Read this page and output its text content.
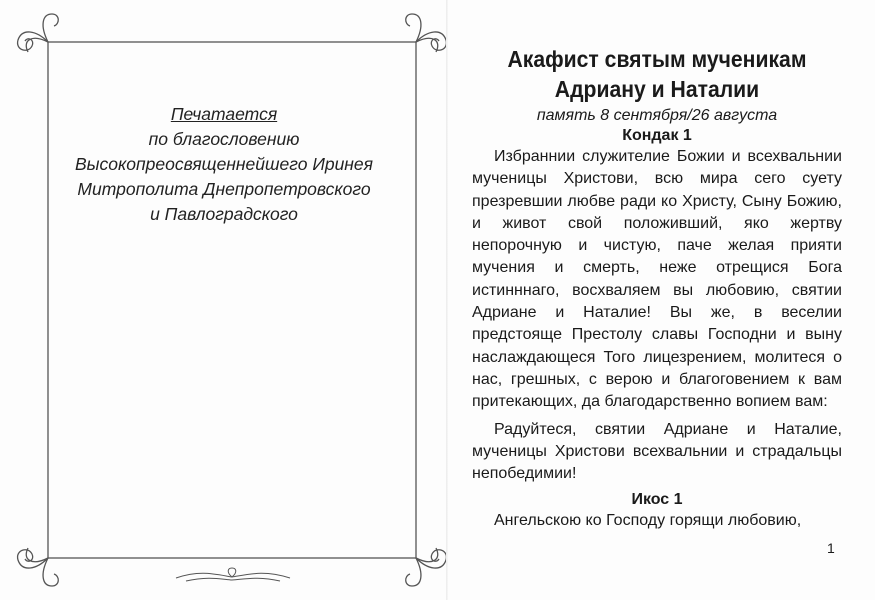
Печатается
по благословению
Высокопреосвященнейшего Иринея
Митрополита Днепропетровского
и Павлоградского
Акафист святым мученикам
Адриану и Наталии

память 8 сентября/26 августа

Кондак 1

Избраннии служителие Божии и всехвальнии мученицы Христови, всю мира сего суету презревшии любве ради ко Христу, Сыну Божию, и живот свой положивший, яко жертву непорочную и чистую, паче желая прияти мучения и смерть, неже отрещися Бога истинннаго, восхваляем вы любовию, святии Адриане и Наталие! Вы же, в веселии предстояще Престолу славы Господни и выну наслаждающеся Того лицезрением, молитеся о нас, грешных, с верою и благоговением к вам притекающих, да благодарственно вопием вам:

Радуйтеся, святии Адриане и Наталие, мученицы Христови всехвальнии и страдальцы непобедимии!

Икос 1

Ангельскою ко Господу горящи любовию,

1
